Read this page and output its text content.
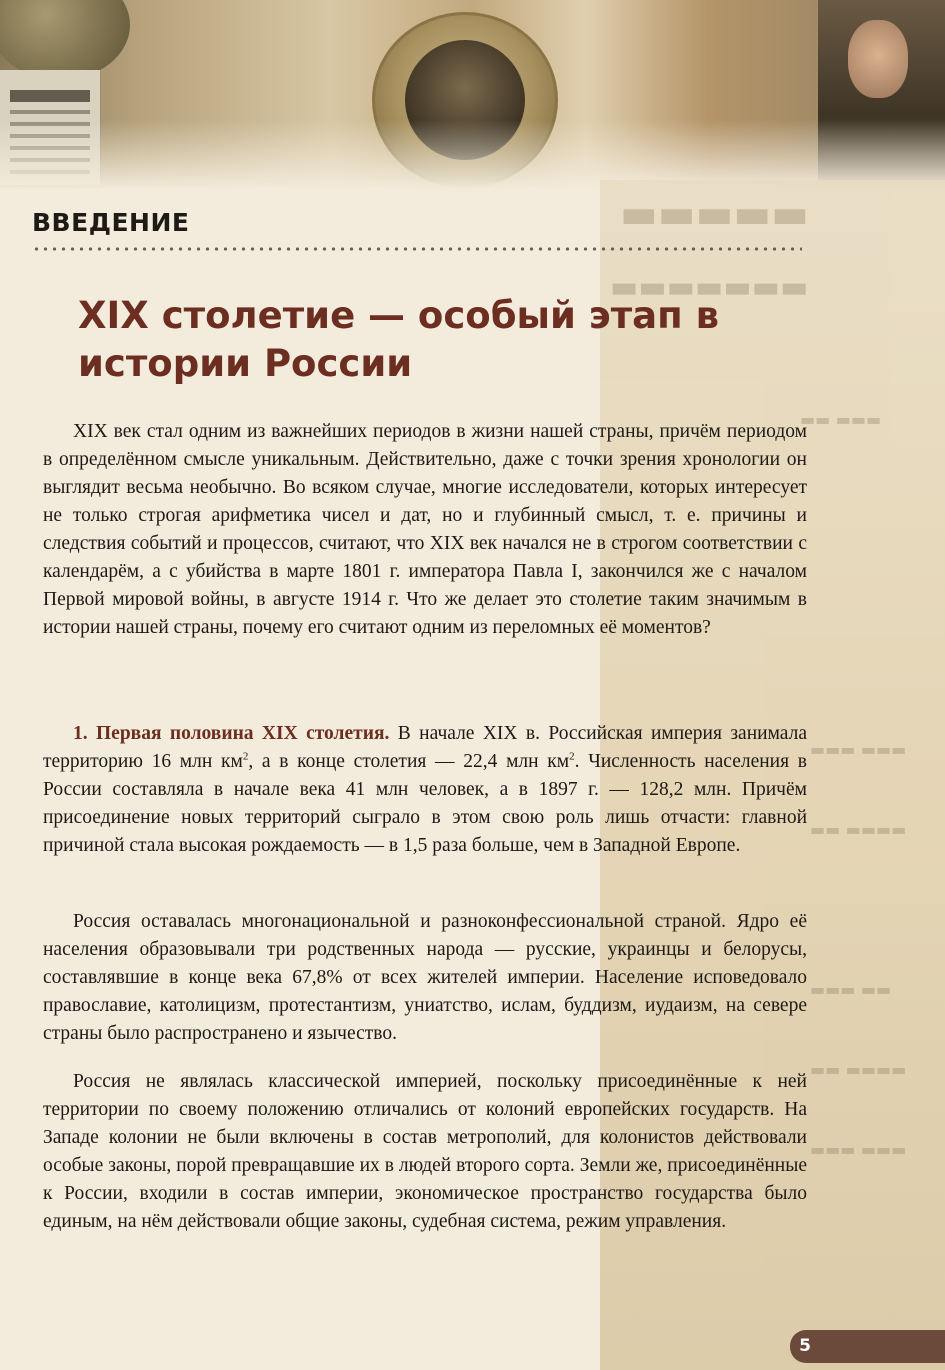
▬▬▬▬▬
▬▬▬▬▬▬▬
▬▬ ▬▬▬
▬▬▬ ▬▬▬
▬▬ ▬▬▬▬
▬▬▬ ▬▬
▬▬ ▬▬▬▬
▬▬▬ ▬▬▬
ВВЕДЕНИЕ
XIX столетие — особый этап в истории России

XIX век стал одним из важнейших периодов в жизни нашей страны, причём периодом в определённом смысле уникальным. Действительно, даже с точки зрения хронологии он выглядит весьма необычно. Во всяком случае, многие исследователи, которых интересует не только строгая арифметика чисел и дат, но и глубинный смысл, т. е. причины и следствия событий и процессов, считают, что XIX век начался не в строгом соответствии с календарём, а с убийства в марте 1801 г. императора Павла I, закончился же с началом Первой мировой войны, в августе 1914 г. Что же делает это столетие таким значимым в истории нашей страны, почему его считают одним из переломных её моментов?

1. Первая половина XIX столетия. В начале XIX в. Российская империя занимала территорию 16 млн $км^2$, а в конце столетия — 22,4 млн $км^2$. Численность населения в России составляла в начале века 41 млн человек, а в 1897 г. — 128,2 млн. Причём присоединение новых территорий сыграло в этом свою роль лишь отчасти: главной причиной стала высокая рождаемость — в 1,5 раза больше, чем в Западной Европе.

Россия оставалась многонациональной и разноконфессиональной страной. Ядро её населения образовывали три родственных народа — русские, украинцы и белорусы, составлявшие в конце века 67,8% от всех жителей империи. Население исповедовало православие, католицизм, протестантизм, униатство, ислам, буддизм, иудаизм, на севере страны было распространено и язычество.

Россия не являлась классической империей, поскольку присоединённые к ней территории по своему положению отличались от колоний европейских государств. На Западе колонии не были включены в состав метрополий, для колонистов действовали особые законы, порой превращавшие их в людей второго сорта. Земли же, присоединённые к России, входили в состав империи, экономическое пространство государства было единым, на нём действовали общие законы, судебная система, режим управления.

5
